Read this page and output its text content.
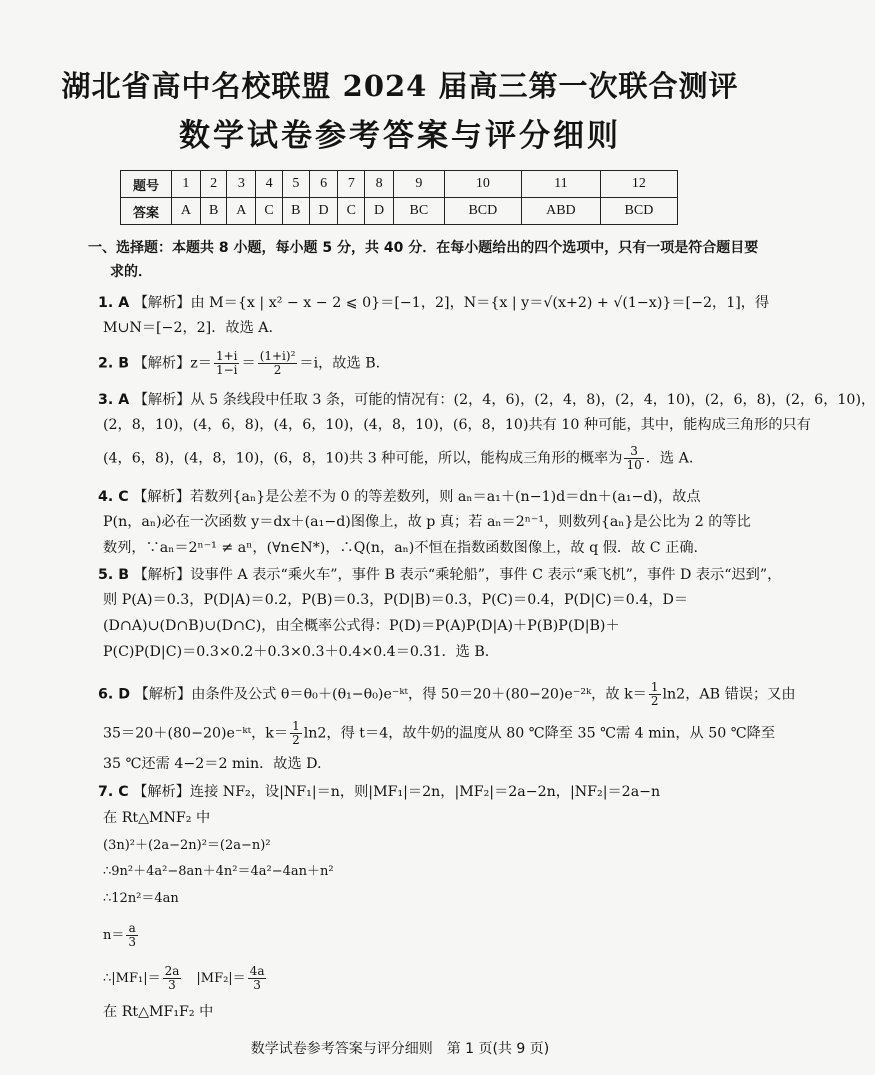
湖北省高中名校联盟 2024 届高三第一次联合测评
数学试卷参考答案与评分细则
题号	1	2	3	4	5	6	7	8	9	10	11	12
答案	A	B	A	C	B	D	C	D	BC	BCD	ABD	BCD
一、选择题：本题共 8 小题，每小题 5 分，共 40 分．在每小题给出的四个选项中，只有一项是符合题目要
求的．
1. A 【解析】由 M＝{x | x² − x − 2 ⩽ 0}＝[−1，2]，N＝{x | y＝√(x+2) + √(1−x)}＝[−2，1]，得
M∪N＝[−2，2]．故选 A.
2. B 【解析】$z= \frac{1+i}{1-i} = \frac{\text{(1+i)²}}{2} =i$，故选 B.
3. A 【解析】从 5 条线段中任取 3 条，可能的情况有：(2，4，6)，(2，4，8)，(2，4，10)，(2，6，8)，(2，6，10)，
(2，8，10)，(4，6，8)，(4，6，10)，(4，8，10)，(6，8，10)共有 10 种可能，其中，能构成三角形的只有
(4，6，8)，(4，8，10)，(6，8，10)共 3 种可能，所以，能构成三角形的概率为 $\frac{3}{10}$ ．选 A.
4. C 【解析】若数列{aₙ}是公差不为 0 的等差数列，则 aₙ＝a₁＋(n−1)d＝dn＋(a₁−d)，故点
P(n，aₙ)必在一次函数 y＝dx＋(a₁−d)图像上，故 p 真；若 aₙ＝2ⁿ⁻¹，则数列{aₙ}是公比为 2 的等比
数列，∵aₙ＝2ⁿ⁻¹ ≠ aⁿ，(∀n∈N*)，∴Q(n，aₙ)不恒在指数函数图像上，故 q 假．故 C 正确.
5. B 【解析】设事件 A 表示“乘火车”，事件 B 表示“乘轮船”，事件 C 表示“乘飞机”，事件 D 表示“迟到”，
则 P(A)＝0.3，P(D|A)＝0.2，P(B)＝0.3，P(D|B)＝0.3，P(C)＝0.4，P(D|C)＝0.4，D＝
(D∩A)∪(D∩B)∪(D∩C)，由全概率公式得：P(D)＝P(A)P(D|A)＋P(B)P(D|B)＋
P(C)P(D|C)＝0.3×0.2＋0.3×0.3＋0.4×0.4＝0.31．选 B.
6. D 【解析】由条件及公式 θ＝θ₀＋(θ₁−θ₀)e⁻ᵏᵗ，得 50＝20＋(80−20)e⁻²ᵏ，故 $k= \frac{1}{2} \ln 2$，AB 错误；又由
35＝20＋(80−20)e⁻ᵏᵗ，$k= \frac{1}{2} \ln 2$，得 t＝4，故牛奶的温度从 80 ℃降至 35 ℃需 4 min，从 50 ℃降至
35 ℃还需 4−2＝2 min．故选 D.
7. C 【解析】连接 NF₂，设|NF₁|＝n，则|MF₁|＝2n，|MF₂|＝2a−2n，|NF₂|＝2a−n
在 Rt△MNF₂ 中
(3n)²＋(2a−2n)²＝(2a−n)²
∴9n²＋4a²−8an＋4n²＝4a²−4an＋n²
∴12n²＝4an
$n= \frac{a}{3}$
∴|MF₁|＝ $\frac{2a}{3}$ 　$|MF_2|= \frac{4a}{3}$
在 Rt△MF₁F₂ 中
数学试卷参考答案与评分细则　第 1 页(共 9 页)
